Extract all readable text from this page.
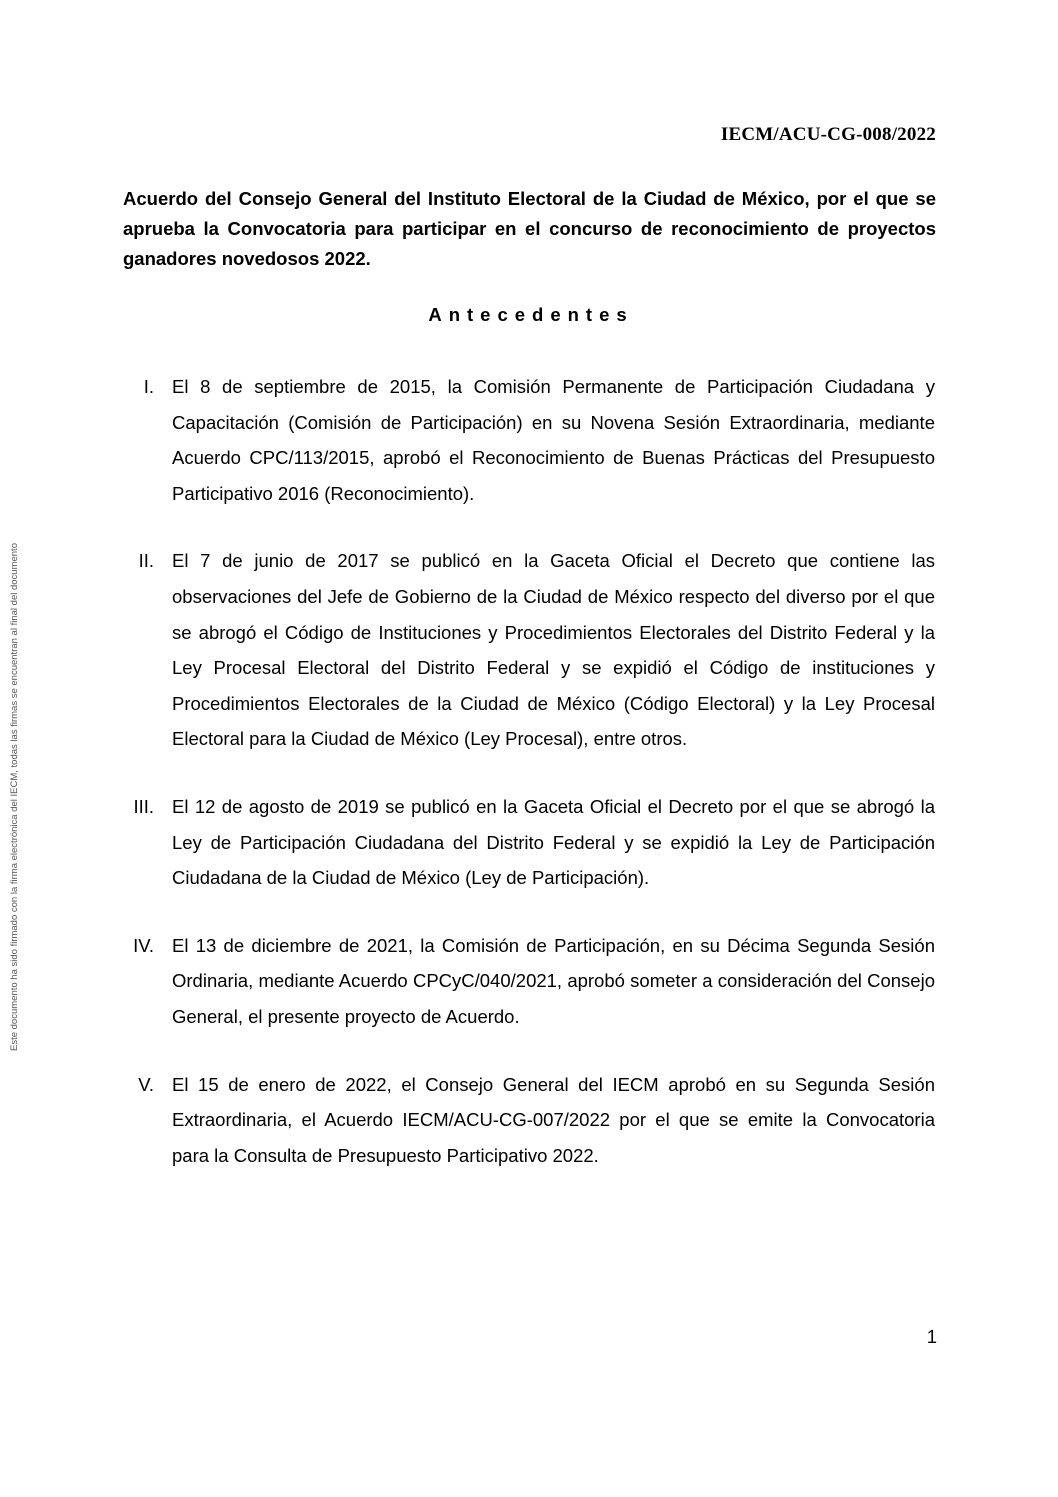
IECM/ACU-CG-008/2022
Acuerdo del Consejo General del Instituto Electoral de la Ciudad de México, por el que se aprueba la Convocatoria para participar en el concurso de reconocimiento de proyectos ganadores novedosos 2022.
Antecedentes
I. El 8 de septiembre de 2015, la Comisión Permanente de Participación Ciudadana y Capacitación (Comisión de Participación) en su Novena Sesión Extraordinaria, mediante Acuerdo CPC/113/2015, aprobó el Reconocimiento de Buenas Prácticas del Presupuesto Participativo 2016 (Reconocimiento).
II. El 7 de junio de 2017 se publicó en la Gaceta Oficial el Decreto que contiene las observaciones del Jefe de Gobierno de la Ciudad de México respecto del diverso por el que se abrogó el Código de Instituciones y Procedimientos Electorales del Distrito Federal y la Ley Procesal Electoral del Distrito Federal y se expidió el Código de instituciones y Procedimientos Electorales de la Ciudad de México (Código Electoral) y la Ley Procesal Electoral para la Ciudad de México (Ley Procesal), entre otros.
III. El 12 de agosto de 2019 se publicó en la Gaceta Oficial el Decreto por el que se abrogó la Ley de Participación Ciudadana del Distrito Federal y se expidió la Ley de Participación Ciudadana de la Ciudad de México (Ley de Participación).
IV. El 13 de diciembre de 2021, la Comisión de Participación, en su Décima Segunda Sesión Ordinaria, mediante Acuerdo CPCyC/040/2021, aprobó someter a consideración del Consejo General, el presente proyecto de Acuerdo.
V. El 15 de enero de 2022, el Consejo General del IECM aprobó en su Segunda Sesión Extraordinaria, el Acuerdo IECM/ACU-CG-007/2022 por el que se emite la Convocatoria para la Consulta de Presupuesto Participativo 2022.
Este documento ha sido firmado con la firma electrónica del IECM, todas las firmas se encuentran al final del documento
1
